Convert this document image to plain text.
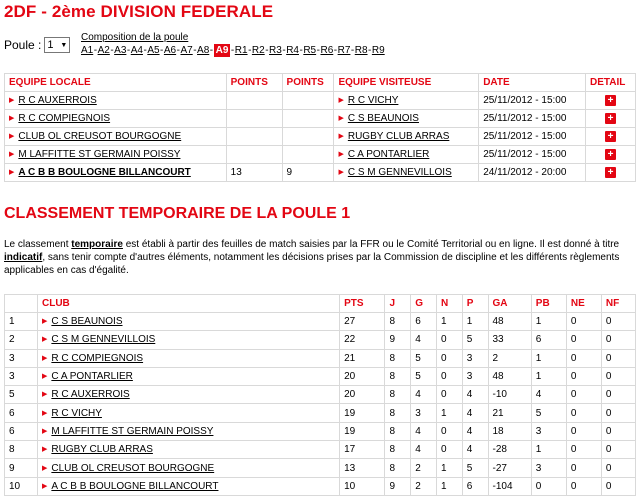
2DF - 2ème DIVISION FEDERALE
Poule : 1 ▼
Composition de la poule
A1 - A2 - A3 - A4 - A5 - A6 - A7 - A8 - A9 - R1 - R2 - R3 - R4 - R5 - R6 - R7 - R8 - R9
EQUIPE LOCALE	POINTS	POINTS	EQUIPE VISITEUSE	DATE	DETAIL
▶ R C AUXERROIS			▶ R C VICHY	25/11/2012 - 15:00	+
▶ R C COMPIEGNOIS			▶ C S BEAUNOIS	25/11/2012 - 15:00	+
▶ CLUB OL CREUSOT BOURGOGNE			▶ RUGBY CLUB ARRAS	25/11/2012 - 15:00	+
▶ M LAFFITTE ST GERMAIN POISSY			▶ C A PONTARLIER	25/11/2012 - 15:00	+
▶ A C B B BOULOGNE BILLANCOURT	13	9	▶ C S M GENNEVILLOIS	24/11/2012 - 20:00	+
CLASSEMENT TEMPORAIRE DE LA POULE 1
Le classement temporaire est établi à partir des feuilles de match saisies par la FFR ou le Comité Territorial ou en ligne. Il est donné à titre indicatif, sans tenir compte d'autres éléments, notamment les décisions prises par la Commission de discipline et les différents règlements applicables en cas d'égalité.
	CLUB	PTS	J	G	N	P	GA	PB	NE	NF
1	▶ C S BEAUNOIS	27	8	6	1	1	48	1	0	0
2	▶ C S M GENNEVILLOIS	22	9	4	0	5	33	6	0	0
3	▶ R C COMPIEGNOIS	21	8	5	0	3	2	1	0	0
3	▶ C A PONTARLIER	20	8	5	0	3	48	1	0	0
5	▶ R C AUXERROIS	20	8	4	0	4	-10	4	0	0
6	▶ R C VICHY	19	8	3	1	4	21	5	0	0
6	▶ M LAFFITTE ST GERMAIN POISSY	19	8	4	0	4	18	3	0	0
8	▶ RUGBY CLUB ARRAS	17	8	4	0	4	-28	1	0	0
9	▶ CLUB OL CREUSOT BOURGOGNE	13	8	2	1	5	-27	3	0	0
10	▶ A C B B BOULOGNE BILLANCOURT	10	9	2	1	6	-104	0	0	0
